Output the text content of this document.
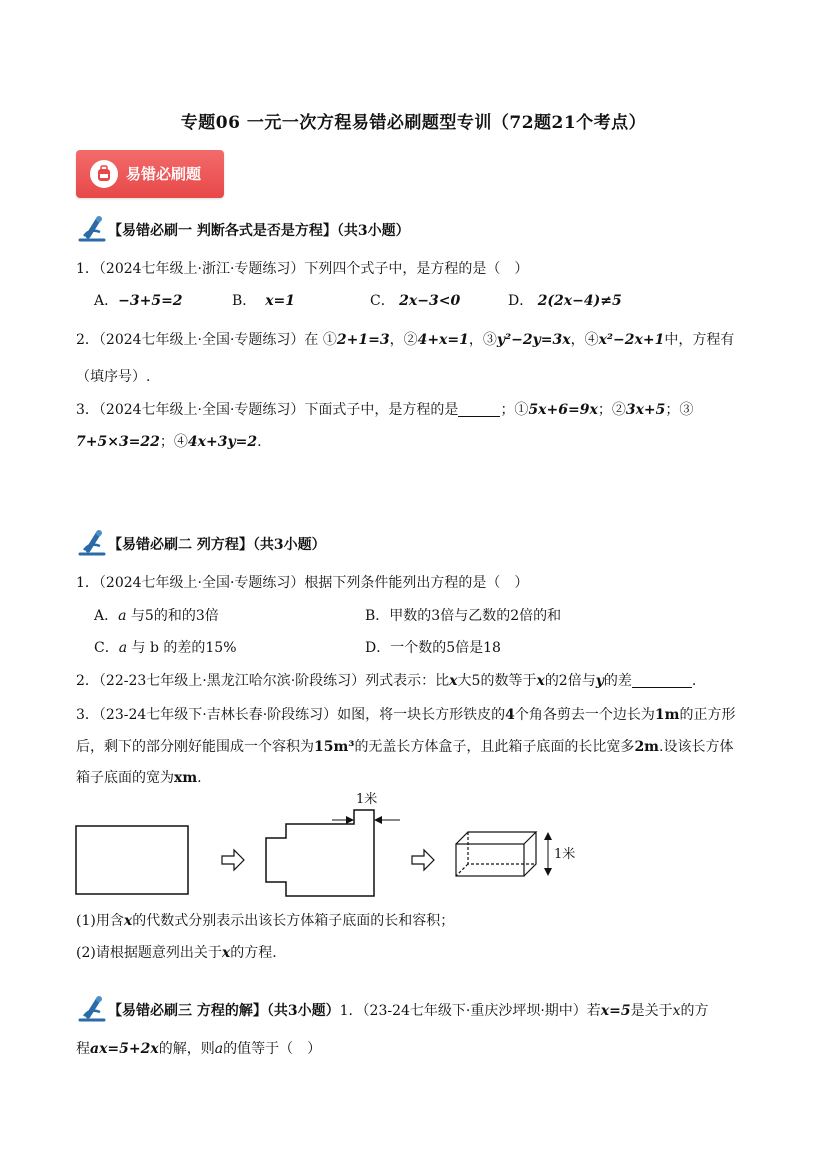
专题06 一元一次方程易错必刷题型专训（72题21个考点）
易错必刷题
【易错必刷一 判断各式是否是方程】（共3小题）
1．（2024七年级上·浙江·专题练习）下列四个式子中，是方程的是（　）
A．−3+5=2	B． x=1	C． 2x−3<0	D． 2(2x−4)≠5
2．（2024七年级上·全国·专题练习）在 ①2+1=3，②4+x=1，③y²−2y=3x，④x²−2x+1中，方程有
（填序号）.
3．（2024七年级上·全国·专题练习）下面式子中，是方程的是	；①5x+6=9x；②3x+5；③
7+5×3=22；④4x+3y=2.
【易错必刷二 列方程】（共3小题）
1．（2024七年级上·全国·专题练习）根据下列条件能列出方程的是（　）
A．a 与5的和的3倍	B．甲数的3倍与乙数的2倍的和
C．a 与 b 的差的15%	D．一个数的5倍是18
2．（22-23七年级上·黑龙江哈尔滨·阶段练习）列式表示：比x大5的数等于x的2倍与y的差	.
3．（23-24七年级下·吉林长春·阶段练习）如图，将一块长方形铁皮的4个角各剪去一个边长为1m的正方形
后，剩下的部分刚好能围成一个容积为15m³的无盖长方体盒子，且此箱子底面的长比宽多2m.设该长方体
箱子底面的宽为xm.
1米
1米
(1)用含x的代数式分别表示出该长方体箱子底面的长和容积；
(2)请根据题意列出关于x的方程.
【易错必刷三 方程的解】（共3小题）1．（23-24七年级下·重庆沙坪坝·期中）若x=5是关于x的方
程ax=5+2x的解，则a的值等于（　）
